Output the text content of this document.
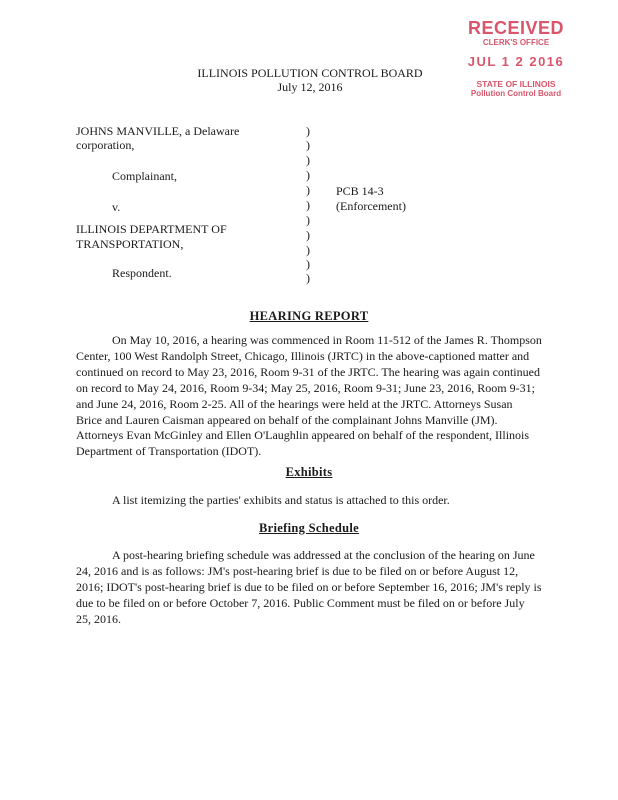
RECEIVED
CLERK'S OFFICE
JUL 1 2 2016
STATE OF ILLINOIS
Pollution Control Board
ILLINOIS POLLUTION CONTROL BOARD
July 12, 2016
JOHNS MANVILLE, a Delaware
corporation,
Complainant,
v.
ILLINOIS DEPARTMENT OF
TRANSPORTATION,
Respondent.
PCB 14-3
(Enforcement)
)
)
)
)
)
)
)
)
)
)
)
HEARING REPORT
On May 10, 2016, a hearing was commenced in Room 11-512 of the James R. Thompson
Center, 100 West Randolph Street, Chicago, Illinois (JRTC) in the above-captioned matter and
continued on record to May 23, 2016, Room 9-31 of the JRTC. The hearing was again continued
on record to May 24, 2016, Room 9-34; May 25, 2016, Room 9-31; June 23, 2016, Room 9-31;
and June 24, 2016, Room 2-25. All of the hearings were held at the JRTC. Attorneys Susan
Brice and Lauren Caisman appeared on behalf of the complainant Johns Manville (JM).
Attorneys Evan McGinley and Ellen O'Laughlin appeared on behalf of the respondent, Illinois
Department of Transportation (IDOT).
Exhibits
A list itemizing the parties' exhibits and status is attached to this order.
Briefing Schedule
A post-hearing briefing schedule was addressed at the conclusion of the hearing on June
24, 2016 and is as follows: JM's post-hearing brief is due to be filed on or before August 12,
2016; IDOT's post-hearing brief is due to be filed on or before September 16, 2016; JM's reply is
due to be filed on or before October 7, 2016. Public Comment must be filed on or before July
25, 2016.
